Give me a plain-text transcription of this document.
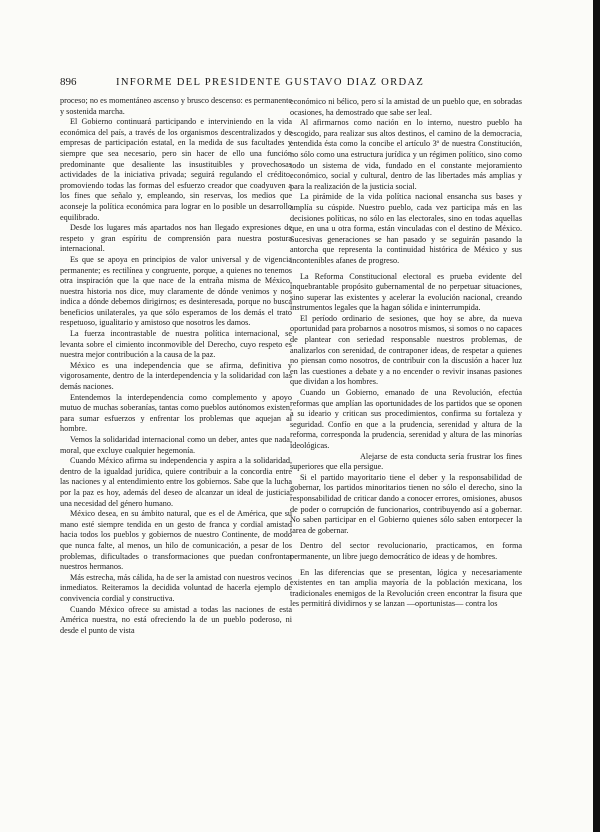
896	INFORME DEL PRESIDENTE GUSTAVO DIAZ ORDAZ

proceso; no es momentáneo ascenso y brusco descenso: es permanente y sostenida marcha.

El Gobierno continuará participando e interviniendo en la vida económica del país, a través de los organismos descentralizados y de empresas de participación estatal, en la medida de sus facultades y siempre que sea necesario, pero sin hacer de ello una función predominante que desaliente las insustituibles y provechosas actividades de la iniciativa privada; seguirá regulando el crédito, promoviendo todas las formas del esfuerzo creador que coadyuven a los fines que señalo y, empleando, sin reservas, los medios que aconseje la política económica para lograr en lo posible un desarrollo equilibrado.

Desde los lugares más apartados nos han llegado expresiones de respeto y gran espíritu de comprensión para nuestra postura internacional.

Es que se apoya en principios de valor universal y de vigencia permanente; es rectilínea y congruente, porque, a quienes no tenemos otra inspiración que la que nace de la entraña misma de México, nuestra historia nos dice, muy claramente de dónde venimos y nos indica a dónde debemos dirigirnos; es desinteresada, porque no busca beneficios unilaterales, ya que sólo esperamos de los demás el trato respetuoso, igualitario y amistoso que nosotros les damos.

La fuerza incontrastable de nuestra política internacional, se levanta sobre el cimiento inconmovible del Derecho, cuyo respeto es nuestra mejor contribución a la causa de la paz.

México es una independencia que se afirma, definitiva y vigorosamente, dentro de la interdependencia y la solidaridad con las demás naciones.

Entendemos la interdependencia como complemento y apoyo mutuo de muchas soberanías, tantas como pueblos autónomos existen, para sumar esfuerzos y enfrentar los problemas que aquejan al hombre.

Vemos la solidaridad internacional como un deber, antes que nada, moral, que excluye cualquier hegemonía.

Cuando México afirma su independencia y aspira a la solidaridad, dentro de la igualdad jurídica, quiere contribuir a la concordia entre las naciones y al entendimiento entre los gobiernos. Sabe que la lucha por la paz es hoy, además del deseo de alcanzar un ideal de justicia, una necesidad del género humano.

México desea, en su ámbito natural, que es el de América, que su mano esté siempre tendida en un gesto de franca y cordial amistad hacia todos los pueblos y gobiernos de nuestro Continente, de modo que nunca falte, al menos, un hilo de comunicación, a pesar de los problemas, dificultades o transformaciones que puedan confrontar nuestros hermanos.

Más estrecha, más cálida, ha de ser la amistad con nuestros vecinos inmediatos. Reiteramos la decidida voluntad de hacerla ejemplo de convivencia cordial y constructiva.

Cuando México ofrece su amistad a todas las naciones de esta América nuestra, no está ofreciendo la de un pueblo poderoso, ni desde el punto de vista

económico ni bélico, pero sí la amistad de un pueblo que, en sobradas ocasiones, ha demostrado que sabe ser leal.

Al afirmarnos como nación en lo interno, nuestro pueblo ha escogido, para realizar sus altos destinos, el camino de la democracia, entendida ésta como la concibe el artículo 3º de nuestra Constitución, no sólo como una estructura jurídica y un régimen político, sino como todo un sistema de vida, fundado en el constante mejoramiento económico, social y cultural, dentro de las libertades más amplias y para la realización de la justicia social.

La pirámide de la vida política nacional ensancha sus bases y amplía su cúspide. Nuestro pueblo, cada vez participa más en las decisiones políticas, no sólo en las electorales, sino en todas aquellas que, en una u otra forma, están vinculadas con el destino de México. Sucesivas generaciones se han pasado y se seguirán pasando la antorcha que representa la continuidad histórica de México y sus incontenibles afanes de progreso.

La Reforma Constitucional electoral es prueba evidente del inquebrantable propósito gubernamental de no perpetuar situaciones, sino superar las existentes y acelerar la evolución nacional, creando instrumentos legales que la hagan sólida e ininterrumpida.

El período ordinario de sesiones, que hoy se abre, da nueva oportunidad para probarnos a nosotros mismos, si somos o no capaces de plantear con seriedad responsable nuestros problemas, de analizarlos con serenidad, de contraponer ideas, de respetar a quienes no piensan como nosotros, de contribuir con la discusión a hacer luz en las cuestiones a debate y a no encender o revivir insanas pasiones que dividan a los hombres.

Cuando un Gobierno, emanado de una Revolución, efectúa reformas que amplían las oportunidades de los partidos que se oponen a su ideario y critican sus procedimientos, confirma su fortaleza y seguridad. Confío en que a la prudencia, serenidad y altura de la reforma, corresponda la prudencia, serenidad y altura de las minorías ideológicas.

Alejarse de esta conducta sería frustrar los fines superiores que ella persigue.

Si el partido mayoritario tiene el deber y la responsabilidad de gobernar, los partidos minoritarios tienen no sólo el derecho, sino la responsabilidad de criticar dando a conocer errores, omisiones, abusos de poder o corrupción de funcionarios, contribuyendo así a gobernar. No saben participar en el Gobierno quienes sólo saben entorpecer la tarea de gobernar.

Dentro del sector revolucionario, practicamos, en forma permanente, un libre juego democrático de ideas y de hombres.

En las diferencias que se presentan, lógica y necesariamente existentes en tan amplia mayoría de la población mexicana, los tradicionales enemigos de la Revolución creen encontrar la fisura que les permitirá dividirnos y se lanzan —oportunistas— contra los
